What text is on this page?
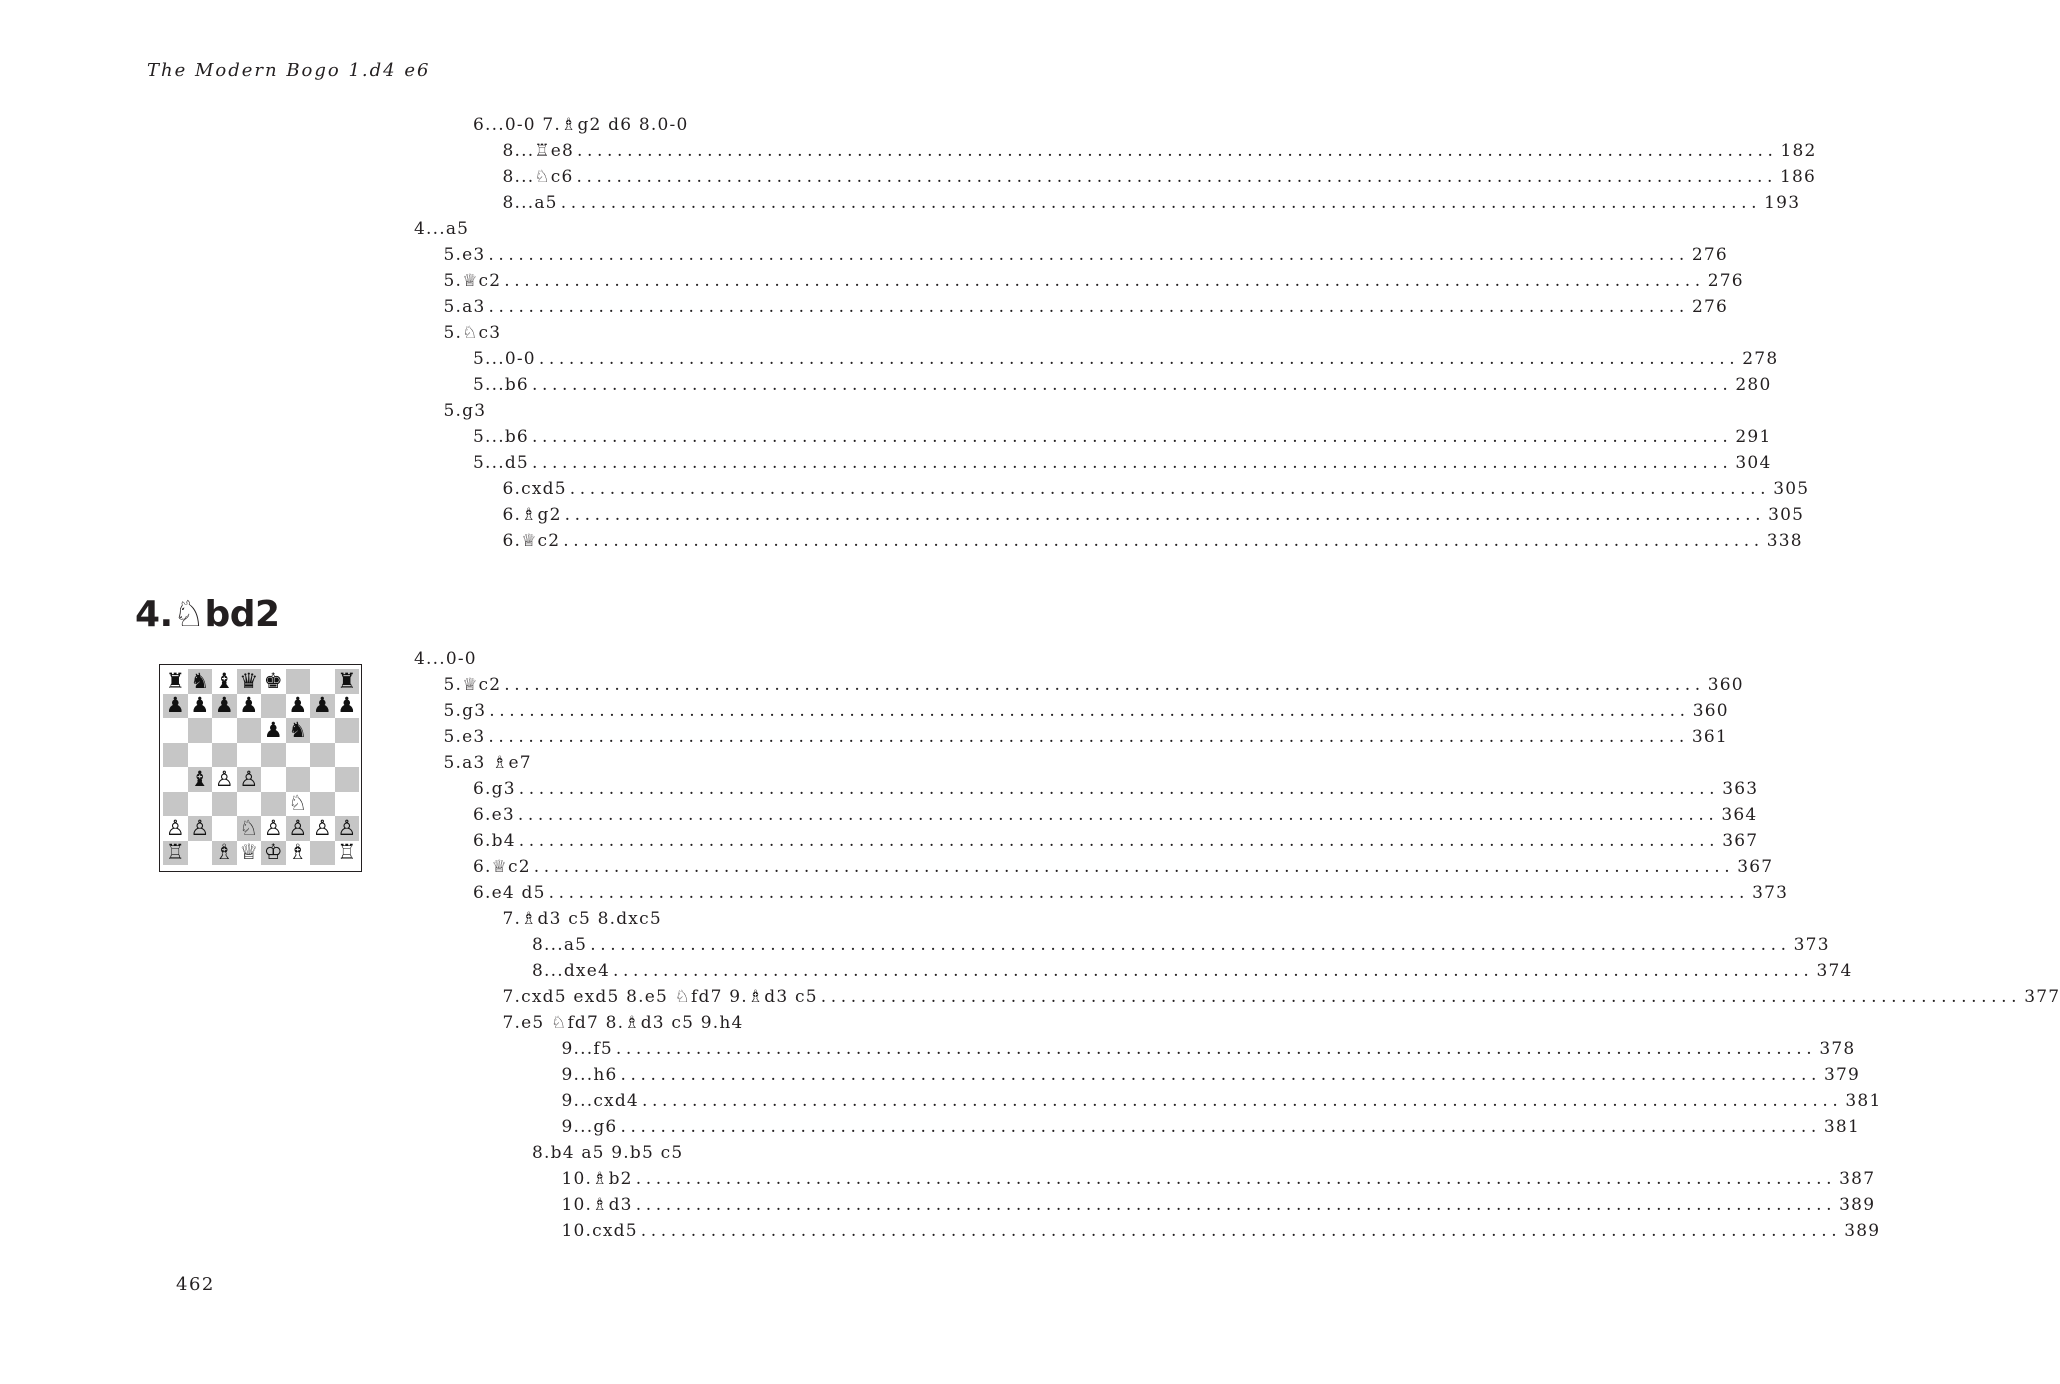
The Modern Bogo 1.d4 e6
6...0-0 7.♗g2 d6 8.0-0
8...♖e8 ........................................................................................................................ 182
8...♘c6 ........................................................................................................................ 186
8...a5 ........................................................................................................................ 193
4...a5
5.e3 ........................................................................................................................ 276
5.♕c2 ........................................................................................................................ 276
5.a3 ........................................................................................................................ 276
5.♘c3
5...0-0 ........................................................................................................................ 278
5...b6 ........................................................................................................................ 280
5.g3
5...b6 ........................................................................................................................ 291
5...d5 ........................................................................................................................ 304
6.cxd5 ........................................................................................................................ 305
6.♗g2 ........................................................................................................................ 305
6.♕c2 ........................................................................................................................ 338
4.♘bd2
♜ ♞ ♝ ♛ ♚	♜
♟ ♟ ♟ ♟ ♟ ♟ ♟
♟ ♞
♝ ♙ ♙
♘
♙ ♙ ♘ ♙ ♙ ♙ ♙
♖ ♗ ♕ ♔ ♗ ♖
4...0-0
5.♕c2 ........................................................................................................................ 360
5.g3 ........................................................................................................................ 360
5.e3 ........................................................................................................................ 361
5.a3 ♗e7
6.g3 ........................................................................................................................ 363
6.e3 ........................................................................................................................ 364
6.b4 ........................................................................................................................ 367
6.♕c2 ........................................................................................................................ 367
6.e4 d5 ........................................................................................................................ 373
7.♗d3 c5 8.dxc5
8...a5 ........................................................................................................................ 373
8...dxe4 ........................................................................................................................ 374
7.cxd5 exd5 8.e5 ♘fd7 9.♗d3 c5 ........................................................................................................................ 377
7.e5 ♘fd7 8.♗d3 c5 9.h4
9...f5 ........................................................................................................................ 378
9...h6 ........................................................................................................................ 379
9...cxd4 ........................................................................................................................ 381
9...g6 ........................................................................................................................ 381
8.b4 a5 9.b5 c5
10.♗b2 ........................................................................................................................ 387
10.♗d3 ........................................................................................................................ 389
10.cxd5 ........................................................................................................................ 389
462
